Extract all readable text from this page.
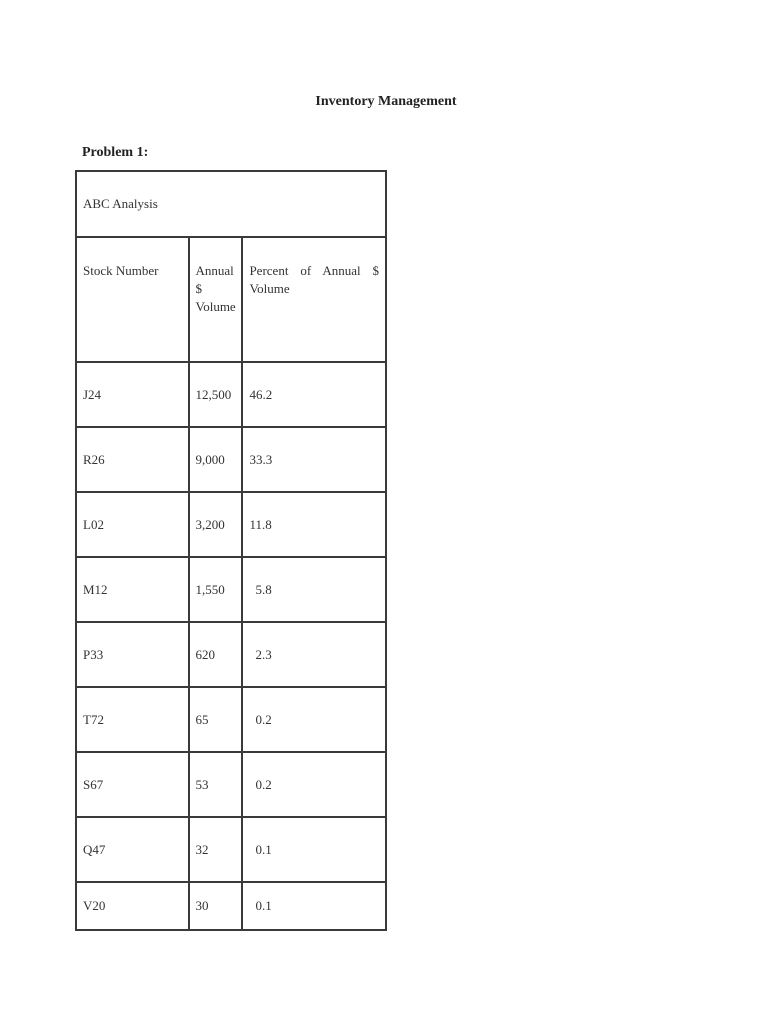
Inventory Management

Problem 1:

ABC Analysis		
Stock Number	Annual $ Volume	Percent of Annual $ Volume
J24	12,500	46.2
R26	9,000	33.3
L02	3,200	11.8
M12	1,550	5.8
P33	620	2.3
T72	65	0.2
S67	53	0.2
Q47	32	0.1
V20	30	0.1
